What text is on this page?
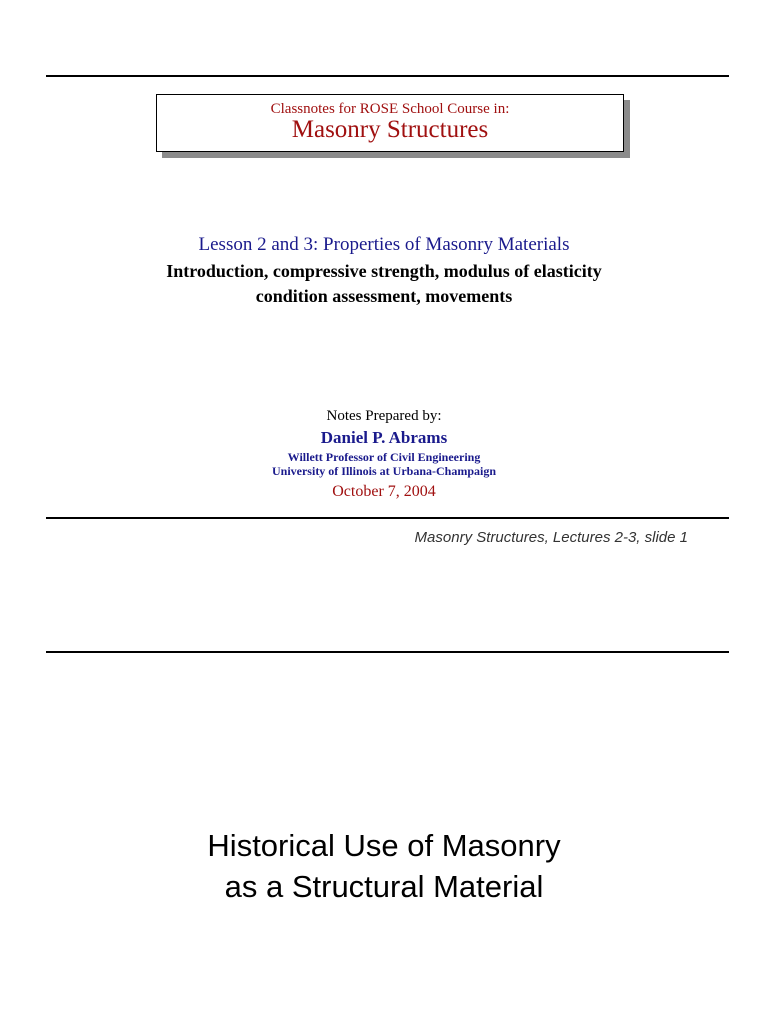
Classnotes for ROSE School Course in:
Masonry Structures
Lesson 2 and 3: Properties of Masonry Materials
Introduction, compressive strength, modulus of elasticity
condition assessment, movements
Notes Prepared by:
Daniel P. Abrams
Willett Professor of Civil Engineering
University of Illinois at Urbana-Champaign
October 7, 2004
Masonry Structures, Lectures 2-3, slide 1
Historical Use of Masonry
as a Structural Material
